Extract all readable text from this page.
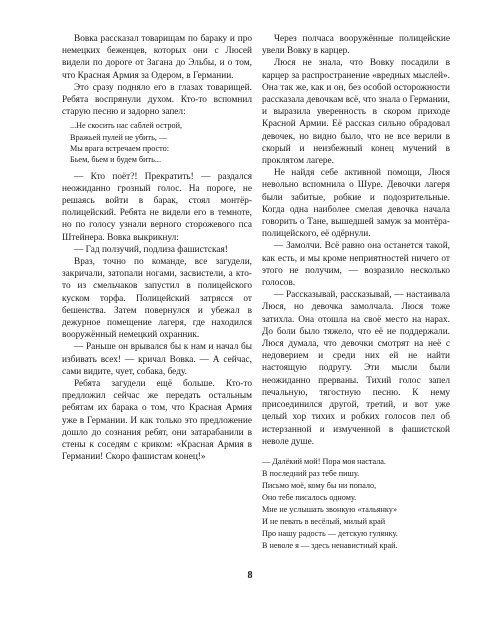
Вовка рассказал товарищам по бараку и про немецких беженцев, которых они с Люсей видели по дороге от Загана до Эльбы, и о том, что Красная Армия за Одером, в Германии.

Это сразу подняло его в глазах товарищей. Ребята воспрянули духом. Кто-то вспомнил старую песню и задорно запел:

...Не скосить нас саблей острой,
Вражьей пулей не убить, —
Мы врага встречаем просто:
Бьем, бьем и будем бить...

— Кто поёт?! Прекратить! — раздался неожиданно грозный голос. На пороге, не решаясь войти в барак, стоял монтёр-полицейский. Ребята не видели его в темноте, но по голосу узнали верного сторожевого пса Штейнера. Вовка выкрикнул:

— Гад ползучий, подлиза фашистская!

Враз, точно по команде, все загудели, закричали, затопали ногами, засвистели, а кто-то из смельчаков запустил в полицейского куском торфа. Полицейский затрясся от бешенства. Затем повернулся и убежал в дежурное помещение лагеря, где находился вооружённый немецкий охранник.

— Раньше он врывался бы к нам и начал бы избивать всех! — кричал Вовка. — А сейчас, сами видите, чует, собака, беду.

Ребята загудели ещё больше. Кто-то предложил сейчас же передать остальным ребятам их барака о том, что Красная Армия уже в Германии. И как только это предложение дошло до сознания ребят, они затарабанили в стены к соседям с криком: «Красная Армия в Германии! Скоро фашистам конец!»

Через полчаса вооружённые полицейские увели Вовку в карцер.

Люся не знала, что Вовку посадили в карцер за распространение «вредных мыслей». Она так же, как и он, без особой осторожности рассказала девочкам всё, что знала о Германии, и выразила уверенность в скором приходе Красной Армии. Её рассказ сильно обрадовал девочек, но видно было, что не все верили в скорый и неизбежный конец мучений в проклятом лагере.

Не найдя себе активной помощи, Люся невольно вспомнила о Шуре. Девочки лагеря были забитые, робкие и подозрительные. Когда одна наиболее смелая девочка начала говорить о Тане, вышедшей замуж за монтёра-полицейского, её одёрнули.

— Замолчи. Всё равно она останется такой, как есть, и мы кроме неприятностей ничего от этого не получим, — возразило несколько голосов.

— Рассказывай, рассказывай, — настаивала Люся, но девочка замолчала. Люся тоже затихла. Она отошла на своё место на нарах. До боли было тяжело, что её не поддержали. Люся думала, что девочки смотрят на неё с недоверием и среди них ей не найти настоящую подругу. Эти мысли были неожиданно прерваны. Тихий голос запел печальную, тягостную песню. К нему присоединился другой, третий, и вот уже целый хор тихих и робких голосов пел об истерзанной и измученной в фашистской неволе душе.

— Далёкий мой! Пора моя настала.
В последний раз тебе пишу.
Письмо моё, кому бы ни попало,
Оно тебе писалось одному.
Мне не услышать звонкую «тальянку»
И не певать в весёлый, милый край
Про нашу радость — детскую гулянку.
В неволе я — здесь ненавистный край.
8
